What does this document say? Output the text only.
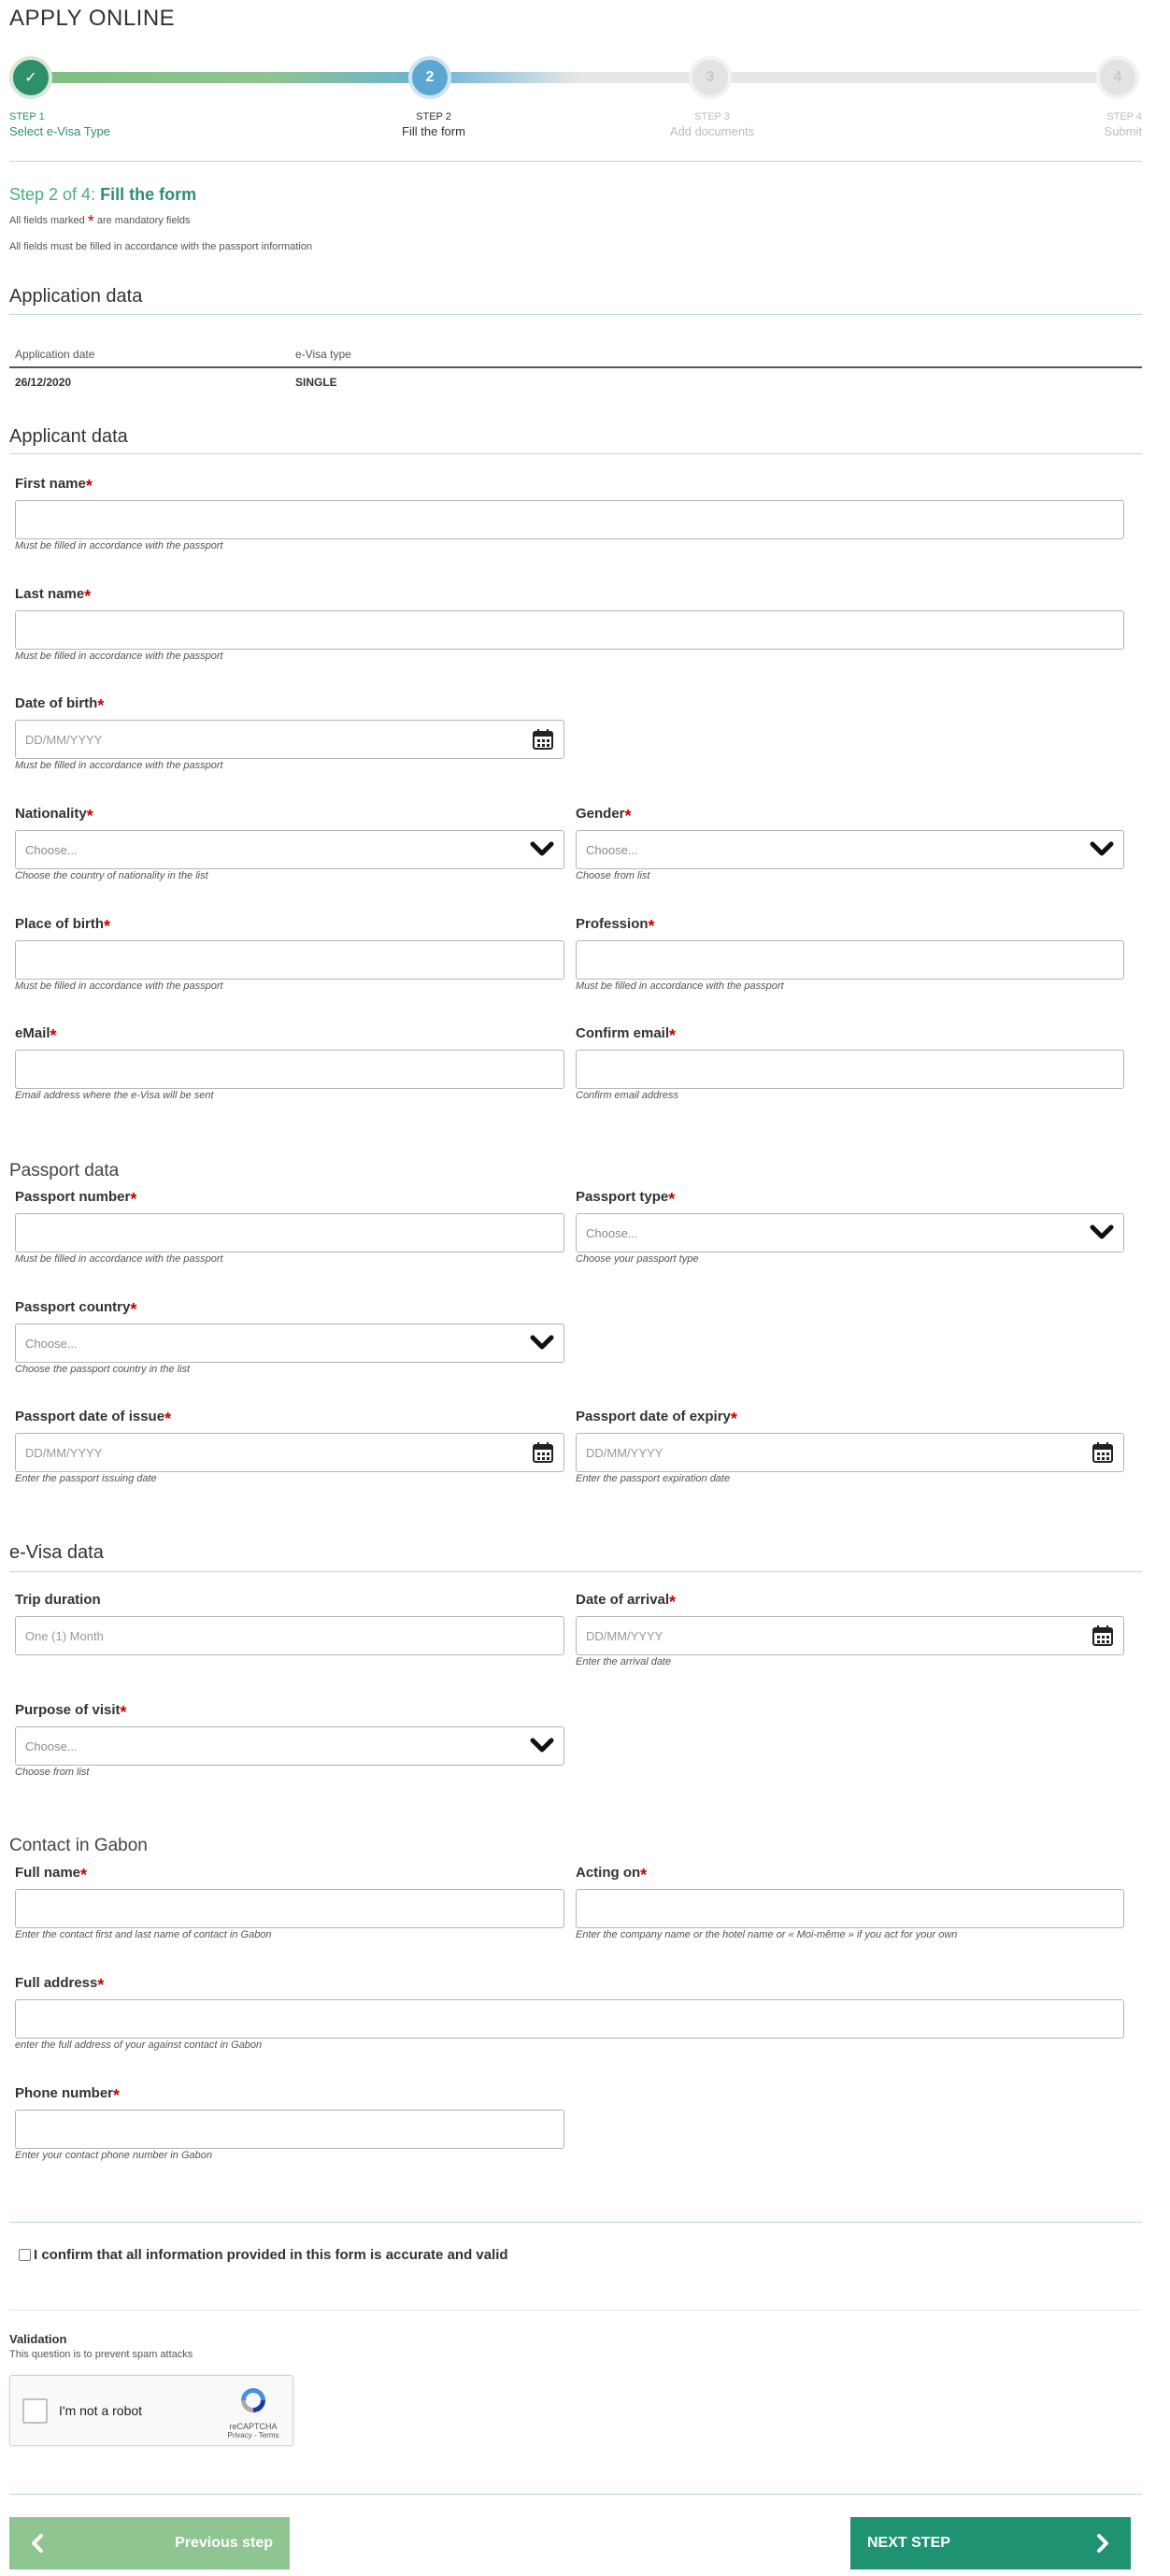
APPLY ONLINE
✓	2	3	4
STEP 1
Select e-Visa Type
STEP 2
Fill the form
STEP 3
Add documents
STEP 4
Submit
Step 2 of 4: Fill the form
All fields marked * are mandatory fields
All fields must be filled in accordance with the passport information
Application data
Application date	e-Visa type
26/12/2020	SINGLE
Applicant data
First name*
Must be filled in accordance with the passport
Last name*
Must be filled in accordance with the passport
Date of birth*
DD/MM/YYYY
Must be filled in accordance with the passport
Nationality*
Choose...
Choose the country of nationality in the list
Gender*
Choose...
Choose from list
Place of birth*
Must be filled in accordance with the passport
Profession*
Must be filled in accordance with the passport
eMail*
Email address where the e-Visa will be sent
Confirm email*
Confirm email address
Passport data
Passport number*
Must be filled in accordance with the passport
Passport type*
Choose...
Choose your passport type
Passport country*
Choose...
Choose the passport country in the list
Passport date of issue*
DD/MM/YYYY
Enter the passport issuing date
Passport date of expiry*
DD/MM/YYYY
Enter the passport expiration date
e-Visa data
Trip duration
One (1) Month
Date of arrival*
DD/MM/YYYY
Enter the arrival date
Purpose of visit*
Choose...
Choose from list
Contact in Gabon
Full name*
Enter the contact first and last name of contact in Gabon
Acting on*
Enter the company name or the hotel name or « Moi-même » if you act for your own
Full address*
enter the full address of your against contact in Gabon
Phone number*
Enter your contact phone number in Gabon
I confirm that all information provided in this form is accurate and valid
Validation
This question is to prevent spam attacks
I'm not a robot
reCAPTCHA
Privacy - Terms
Previous step	NEXT STEP
